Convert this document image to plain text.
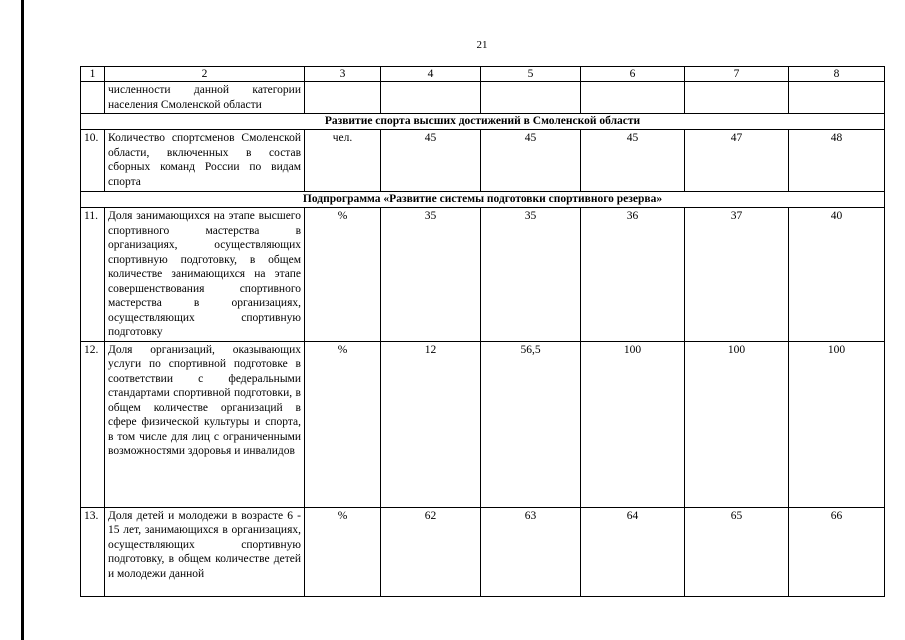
21
1	2	3	4	5	6	7	8
	численности данной категории населения Смоленской области						
Развитие спорта высших достижений в Смоленской области							
10.	Количество спортсменов Смоленской области, включенных в состав сборных команд России по видам спорта	чел.	45	45	45	47	48
Подпрограмма «Развитие системы подготовки спортивного резерва»							
11.	Доля занимающихся на этапе высшего спортивного мастерства в организациях, осуществляющих спортивную подготовку, в общем количестве занимающихся на этапе совершенствования спортивного мастерства в организациях, осуществляющих спортивную подготовку	%	35	35	36	37	40
12.	Доля организаций, оказывающих услуги по спортивной подготовке в соответствии с федеральными стандартами спортивной подготовки, в общем количестве организаций в сфере физической культуры и спорта, в том числе для лиц с ограниченными возможностями здоровья и инвалидов	%	12	56,5	100	100	100
13.	Доля детей и молодежи в возрасте 6 - 15 лет, занимающихся в организациях, осуществляющих спортивную подготовку, в общем количестве детей и молодежи данной	%	62	63	64	65	66
